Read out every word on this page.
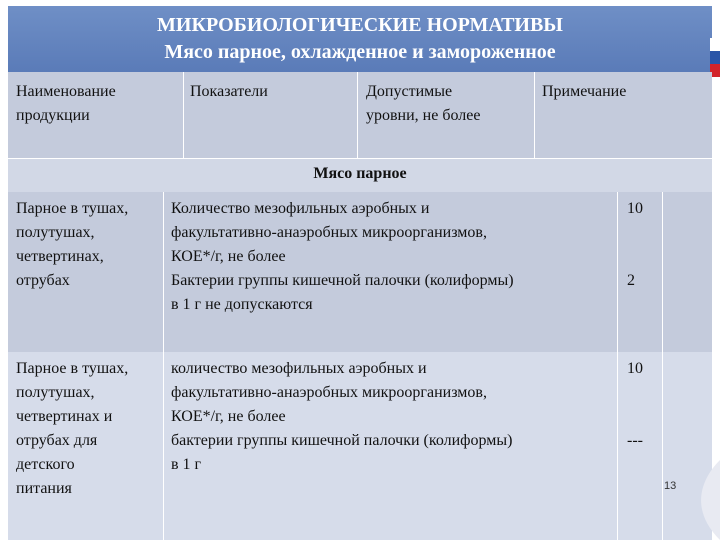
МИКРОБИОЛОГИЧЕСКИЕ НОРМАТИВЫ
Мясо парное, охлажденное и замороженное
Наименование
продукции
Показатели	Допустимые
уровни, не более
Примечание
Мясо парное
Парное в тушах,
полутушах,
четвертинах,
отрубах
Количество мезофильных аэробных и
факультативно-анаэробных микроорганизмов,
КОЕ*/г, не более
Бактерии группы кишечной палочки (колиформы)
в 1 г не допускаются
10
2
Парное в тушах,
полутушах,
четвертинах и
отрубах для
детского
питания
количество мезофильных аэробных и
факультативно-анаэробных микроорганизмов,
КОЕ*/г, не более
бактерии группы кишечной палочки (колиформы)
в 1 г
10
---
13
